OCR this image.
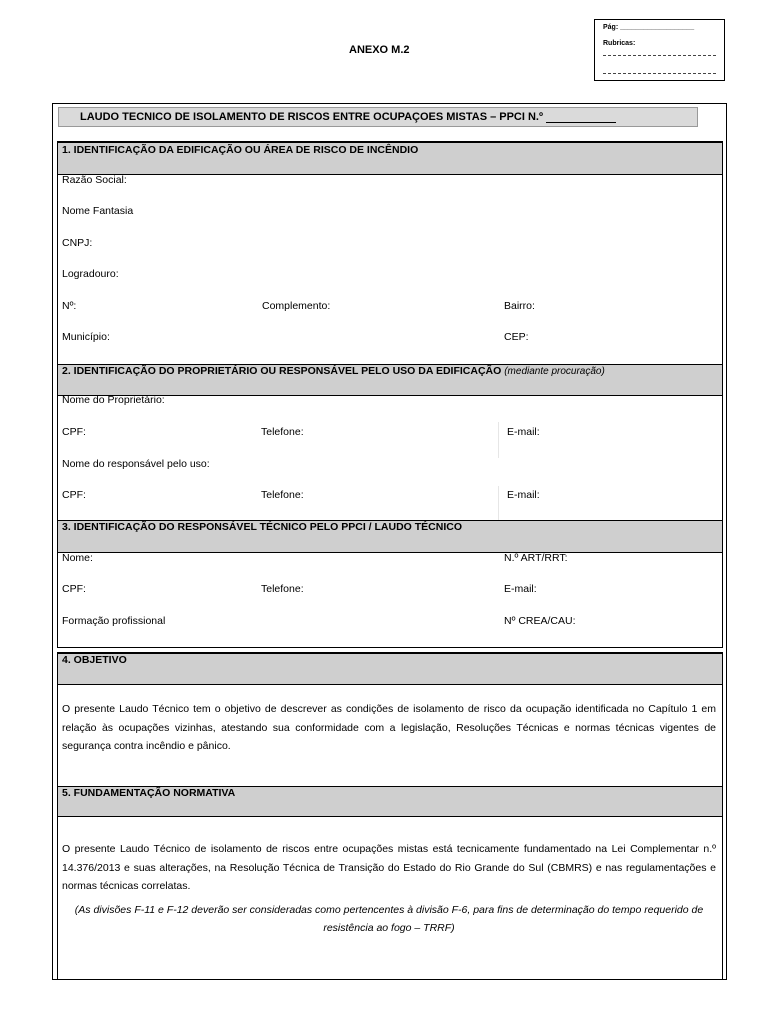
Pág: ___________________
Rubricas:
ANEXO M.2
LAUDO TECNICO DE ISOLAMENTO DE RISCOS ENTRE OCUPAÇOES MISTAS – PPCI N.º
1. IDENTIFICAÇÃO DA EDIFICAÇÃO OU ÁREA DE RISCO DE INCÊNDIO
Razão Social:
Nome Fantasia
CNPJ:
Logradouro:
Nº:	Complemento:	Bairro:
Município:	CEP:
2. IDENTIFICAÇÃO DO PROPRIETÁRIO OU RESPONSÁVEL PELO USO DA EDIFICAÇÃO (mediante procuração)
Nome do Proprietário:
CPF:	Telefone:	E-mail:
Nome do responsável pelo uso:
CPF:	Telefone:	E-mail:
3. IDENTIFICAÇÃO DO RESPONSÁVEL TÉCNICO PELO PPCI / LAUDO TÉCNICO
Nome:	N.º ART/RRT:
CPF:	Telefone:	E-mail:
Formação profissional	Nº CREA/CAU:
4. OBJETIVO
O presente Laudo Técnico tem o objetivo de descrever as condições de isolamento de risco da ocupação identificada no Capítulo 1 em relação às ocupações vizinhas, atestando sua conformidade com a legislação, Resoluções Técnicas e normas técnicas vigentes de segurança contra incêndio e pânico.
5. FUNDAMENTAÇÃO NORMATIVA
O presente Laudo Técnico de isolamento de riscos entre ocupações mistas está tecnicamente fundamentado na Lei Complementar n.º 14.376/2013 e suas alterações, na Resolução Técnica de Transição do Estado do Rio Grande do Sul (CBMRS) e nas regulamentações e normas técnicas correlatas.
(As divisões F-11 e F-12 deverão ser consideradas como pertencentes à divisão F-6, para fins de determinação do tempo requerido de resistência ao fogo – TRRF)
